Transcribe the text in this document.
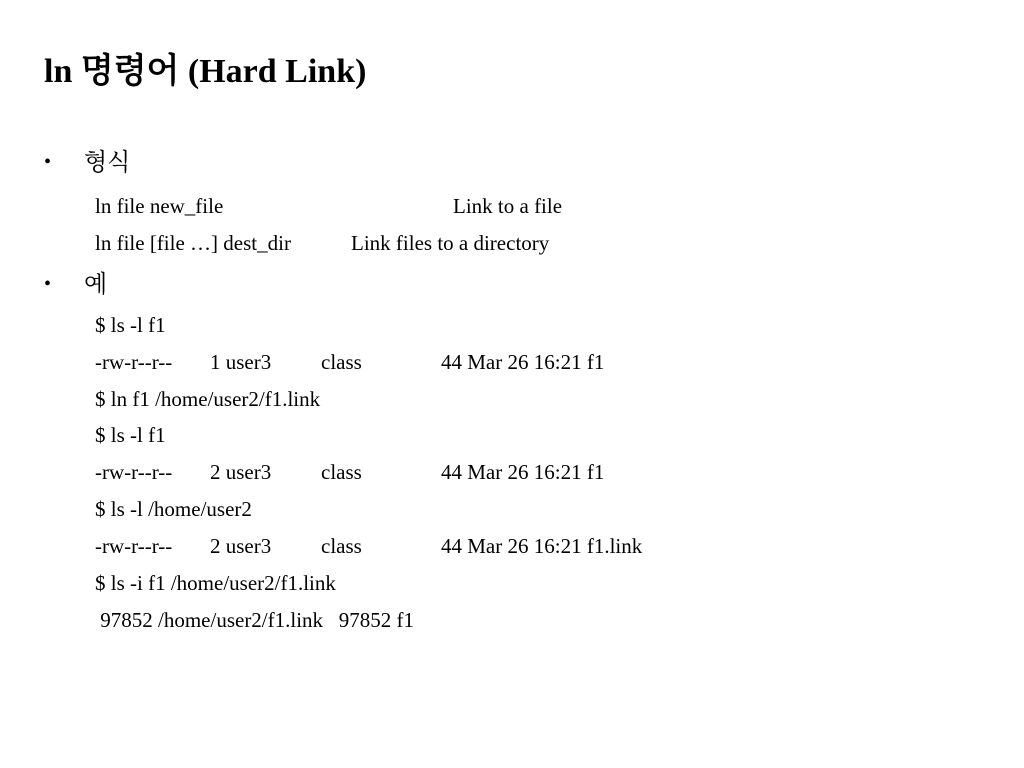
ln 명령어 (Hard Link)
• 형식
ln file new_file	Link to a file
ln file [file …] dest_dir	Link files to a directory
• 예
$ ls -l f1
-rw-r--r-- 1 user3 class	44 Mar 26 16:21 f1
$ ln f1 /home/user2/f1.link
$ ls -l f1
-rw-r--r-- 2 user3 class	44 Mar 26 16:21 f1
$ ls -l /home/user2
-rw-r--r-- 2 user3 class	44 Mar 26 16:21 f1.link
$ ls -i f1 /home/user2/f1.link
97852 /home/user2/f1.link   97852 f1
